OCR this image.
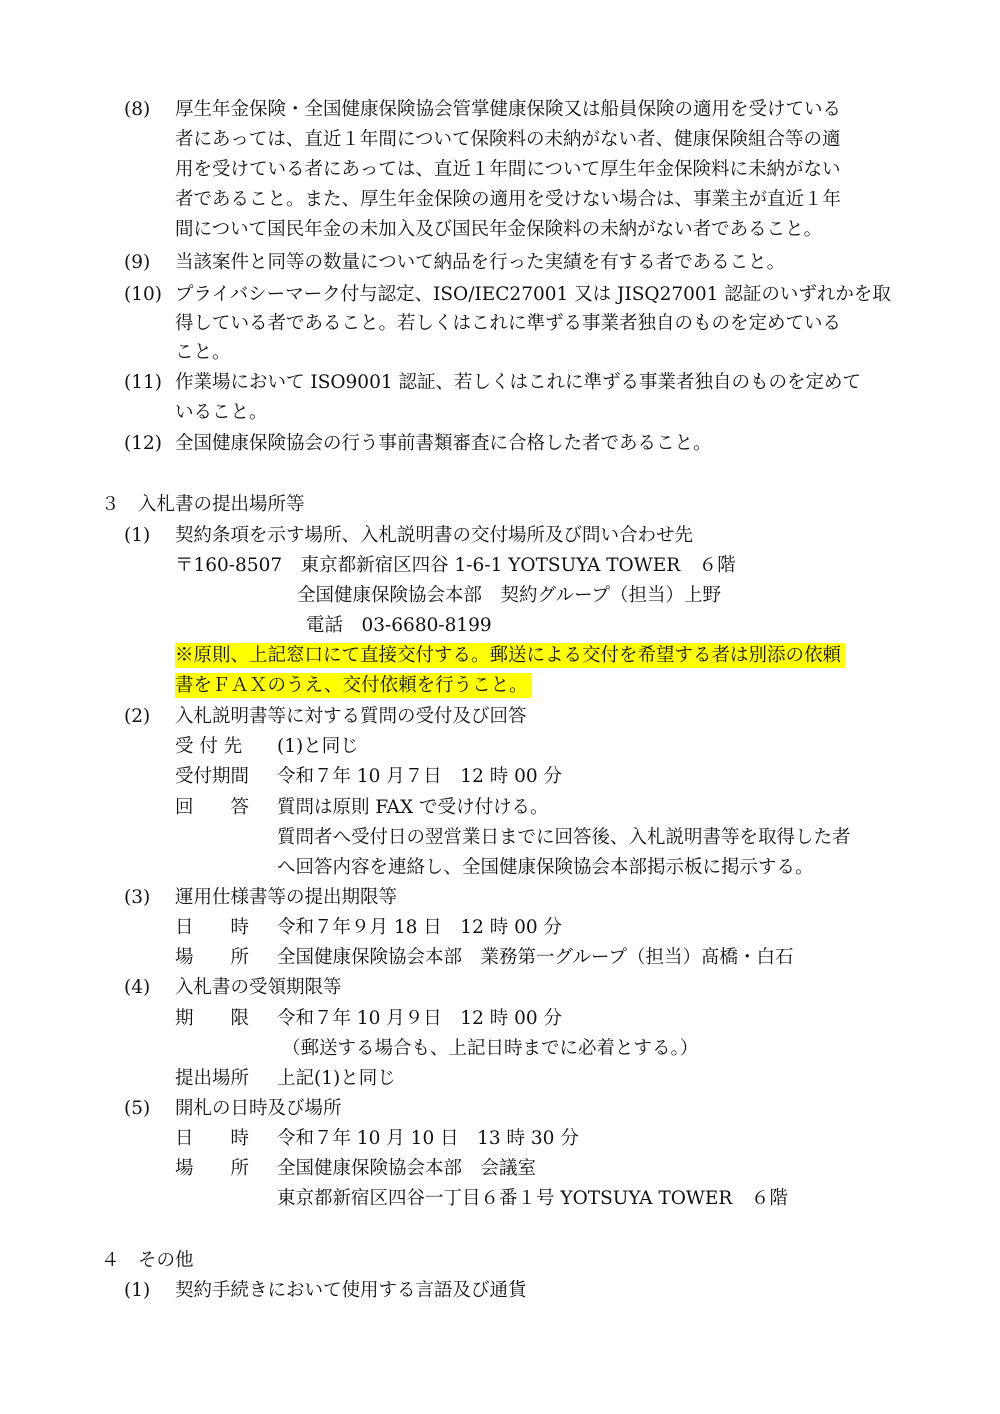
(8) 厚生年金保険・全国健康保険協会管掌健康保険又は船員保険の適用を受けている
者にあっては、直近１年間について保険料の未納がない者、健康保険組合等の適
用を受けている者にあっては、直近１年間について厚生年金保険料に未納がない
者であること。また、厚生年金保険の適用を受けない場合は、事業主が直近１年
間について国民年金の未加入及び国民年金保険料の未納がない者であること。
(9) 当該案件と同等の数量について納品を行った実績を有する者であること。
(10) プライバシーマーク付与認定、ISO/IEC27001 又は JISQ27001 認証のいずれかを取
得している者であること。若しくはこれに準ずる事業者独自のものを定めている
こと。
(11) 作業場において ISO9001 認証、若しくはこれに準ずる事業者独自のものを定めて
いること。
(12) 全国健康保険協会の行う事前書類審査に合格した者であること。
３　入札書の提出場所等
(1) 契約条項を示す場所、入札説明書の交付場所及び問い合わせ先
〒160-8507　東京都新宿区四谷 1-6-1 YOTSUYA TOWER　６階
全国健康保険協会本部　契約グループ（担当）上野
電話　03-6680-8199
※原則、上記窓口にて直接交付する。郵送による交付を希望する者は別添の依頼
書をＦＡＸのうえ、交付依頼を行うこと。
(2) 入札説明書等に対する質問の受付及び回答
受 付 先 (1)と同じ
受付期間 令和７年 10 月７日　12 時 00 分
回　　答 質問は原則 FAX で受け付ける。
質問者へ受付日の翌営業日までに回答後、入札説明書等を取得した者
へ回答内容を連絡し、全国健康保険協会本部掲示板に掲示する。
(3) 運用仕様書等の提出期限等
日　　時 令和７年９月 18 日　12 時 00 分
場　　所 全国健康保険協会本部　業務第一グループ（担当）髙橋・白石
(4) 入札書の受領期限等
期　　限 令和７年 10 月９日　12 時 00 分
（郵送する場合も、上記日時までに必着とする。）
提出場所 上記(1)と同じ
(5) 開札の日時及び場所
日　　時 令和７年 10 月 10 日　13 時 30 分
場　　所 全国健康保険協会本部　会議室
東京都新宿区四谷一丁目６番１号 YOTSUYA TOWER　６階
４　その他
(1) 契約手続きにおいて使用する言語及び通貨
